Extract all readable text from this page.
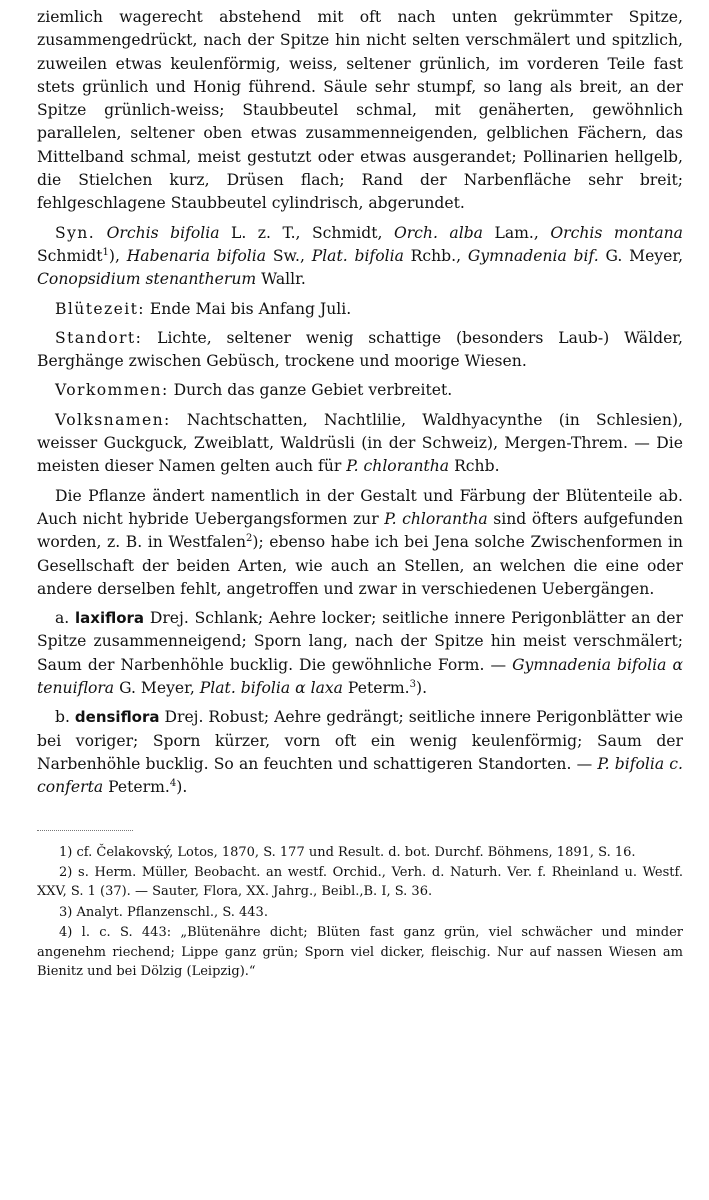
ziemlich wagerecht abstehend mit oft nach unten gekrümmter Spitze, zusammengedrückt, nach der Spitze hin nicht selten verschmälert und spitzlich, zuweilen etwas keulenförmig, weiss, seltener grünlich, im vorderen Teile fast stets grünlich und Honig führend. Säule sehr stumpf, so lang als breit, an der Spitze grünlich-weiss; Staubbeutel schmal, mit genäherten, gewöhnlich parallelen, seltener oben etwas zusammenneigenden, gelblichen Fächern, das Mittelband schmal, meist gestutzt oder etwas ausgerandet; Pollinarien hellgelb, die Stielchen kurz, Drüsen flach; Rand der Narbenfläche sehr breit; fehlgeschlagene Staubbeutel cylindrisch, abgerundet.

Syn. Orchis bifolia L. z. T., Schmidt, Orch. alba Lam., Orchis montana Schmidt$^1$), Habenaria bifolia Sw., Plat. bifolia Rchb., Gymnadenia bif. G. Meyer, Conopsidium stenantherum Wallr.

Blütezeit: Ende Mai bis Anfang Juli.

Standort: Lichte, seltener wenig schattige (besonders Laub-) Wälder, Berghänge zwischen Gebüsch, trockene und moorige Wiesen.

Vorkommen: Durch das ganze Gebiet verbreitet.

Volksnamen: Nachtschatten, Nachtlilie, Waldhyacynthe (in Schlesien), weisser Guckguck, Zweiblatt, Waldrüsli (in der Schweiz), Mergen-Threm. — Die meisten dieser Namen gelten auch für P. chlorantha Rchb.

Die Pflanze ändert namentlich in der Gestalt und Färbung der Blütenteile ab. Auch nicht hybride Uebergangsformen zur P. chlorantha sind öfters aufgefunden worden, z. B. in Westfalen$^2$); ebenso habe ich bei Jena solche Zwischenformen in Gesellschaft der beiden Arten, wie auch an Stellen, an welchen die eine oder andere derselben fehlt, angetroffen und zwar in verschiedenen Uebergängen.

a. laxiflora Drej. Schlank; Aehre locker; seitliche innere Perigonblätter an der Spitze zusammenneigend; Sporn lang, nach der Spitze hin meist verschmälert; Saum der Narbenhöhle bucklig. Die gewöhnliche Form. — Gymnadenia bifolia α tenuiflora G. Meyer, Plat. bifolia α laxa Peterm.$^3$).

b. densiflora Drej. Robust; Aehre gedrängt; seitliche innere Perigonblätter wie bei voriger; Sporn kürzer, vorn oft ein wenig keulenförmig; Saum der Narbenhöhle bucklig. So an feuchten und schattigeren Standorten. — P. bifolia c. conferta Peterm.$^4$).

1) cf. Čelakovský, Lotos, 1870, S. 177 und Result. d. bot. Durchf. Böhmens, 1891, S. 16.

2) s. Herm. Müller, Beobacht. an westf. Orchid., Verh. d. Naturh. Ver. f. Rheinland u. Westf. XXV, S. 1 (37). — Sauter, Flora, XX. Jahrg., Beibl.,B. I, S. 36.

3) Analyt. Pflanzenschl., S. 443.

4) l. c. S. 443: „Blütenähre dicht; Blüten fast ganz grün, viel schwächer und minder angenehm riechend; Lippe ganz grün; Sporn viel dicker, fleischig. Nur auf nassen Wiesen am Bienitz und bei Dölzig (Leipzig).“
